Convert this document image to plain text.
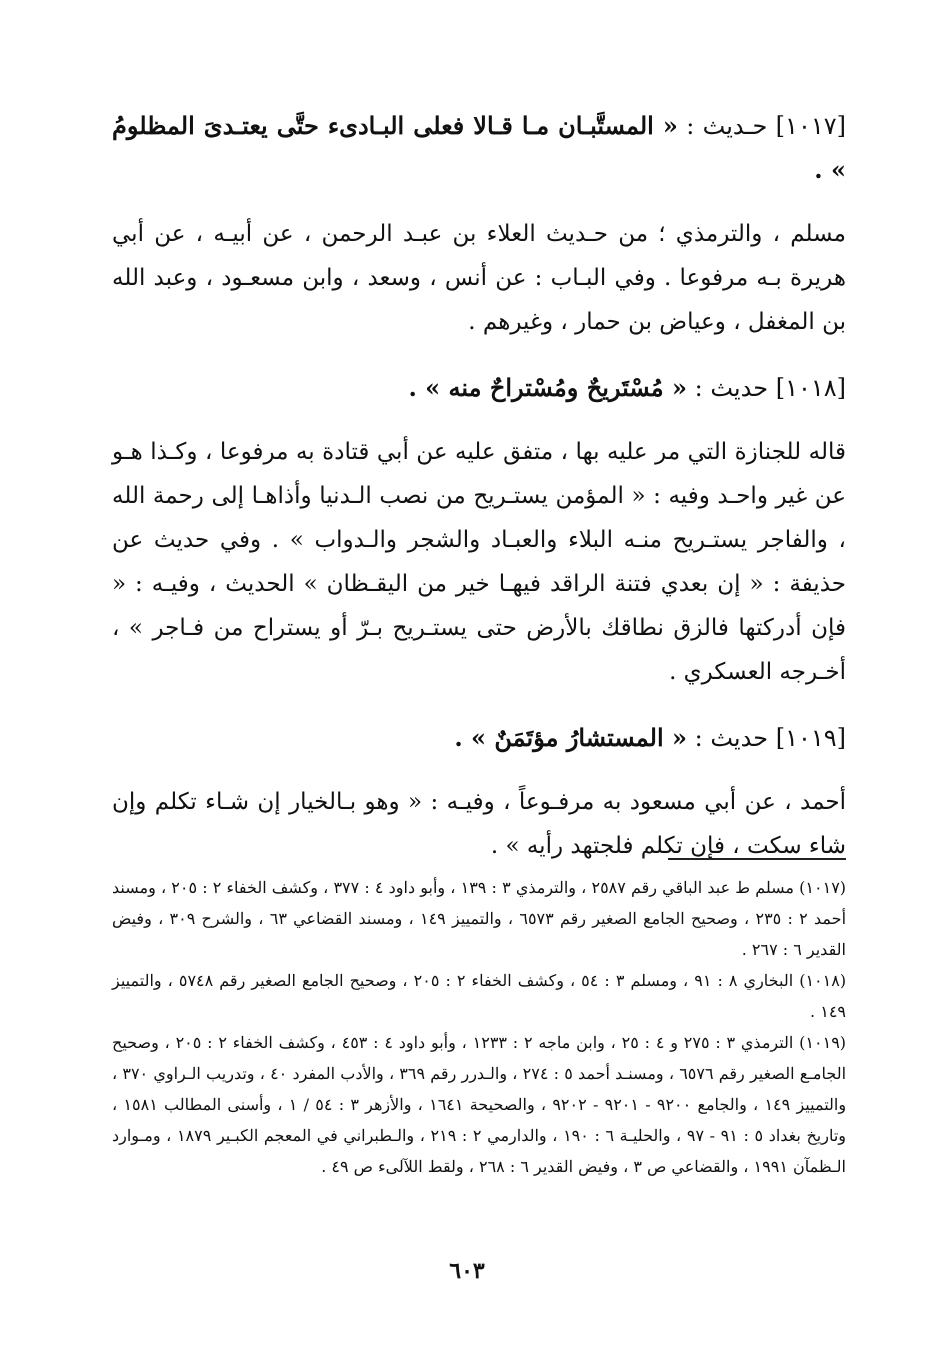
[١٠١٧] حـديث : « المستَّبـان مـا قـالا فعلى البـادىء حتَّى يعتـدىَ المظلومُ » .

مسلم ، والترمذي ؛ من حـديث العلاء بن عبـد الرحمن ، عن أبيـه ، عن أبي هريرة بـه مرفوعا . وفي البـاب : عن أنس ، وسعد ، وابن مسعـود ، وعبد الله بن المغفل ، وعياض بن حمار ، وغيرهم .

[١٠١٨] حديث : « مُسْتَريحٌ ومُسْتراحٌ منه » .

قاله للجنازة التي مر عليه بها ، متفق عليه عن أبي قتادة به مرفوعا ، وكـذا هـو عن غير واحـد وفيه : « المؤمن يستـريح من نصب الـدنيا وأذاهـا إلى رحمة الله ، والفاجر يستـريح منـه البلاء والعبـاد والشجر والـدواب » . وفي حديث عن حذيفة : « إن بعدي فتنة الراقد فيهـا خير من اليقـظان » الحديث ، وفيـه : « فإن أدركتها فالزق نطاقك بالأرض حتى يستـريح بـرّ أو يستراح من فـاجر » ، أخـرجه العسكري .

[١٠١٩] حديث : « المستشارُ مؤتَمَنٌ » .

أحمد ، عن أبي مسعود به مرفـوعاً ، وفيـه : « وهو بـالخيار إن شـاء تكلم وإن شاء سكت ، فإن تكلم فلجتهد رأيه » .

(١٠١٧) مسلم ط عبد الباقي رقم ٢٥٨٧ ، والترمذي ٣ : ١٣٩ ، وأبو داود ٤ : ٣٧٧ ، وكشف الخفاء ٢ : ٢٠٥ ، ومسند أحمد ٢ : ٢٣٥ ، وصحيح الجامع الصغير رقم ٦٥٧٣ ، والتمييز ١٤٩ ، ومسند القضاعي ٦٣ ، والشرح ٣٠٩ ، وفيض القدير ٦ : ٢٦٧ .

(١٠١٨) البخاري ٨ : ٩١ ، ومسلم ٣ : ٥٤ ، وكشف الخفاء ٢ : ٢٠٥ ، وصحيح الجامع الصغير رقم ٥٧٤٨ ، والتمييز ١٤٩ .

(١٠١٩) الترمذي ٣ : ٢٧٥ و ٤ : ٢٥ ، وابن ماجه ٢ : ١٢٣٣ ، وأبو داود ٤ : ٤٥٣ ، وكشف الخفاء ٢ : ٢٠٥ ، وصحيح الجامـع الصغير رقم ٦٥٧٦ ، ومسنـد أحمد ٥ : ٢٧٤ ، والـدرر رقم ٣٦٩ ، والأدب المفرد ٤٠ ، وتدريب الـراوي ٣٧٠ ، والتمييز ١٤٩ ، والجامع ٩٢٠٠ - ٩٢٠١ - ٩٢٠٢ ، والصحيحة ١٦٤١ ، والأزهر ٣ : ٥٤ / ١ ، وأسنى المطالب ١٥٨١ ، وتاريخ بغداد ٥ : ٩١ - ٩٧ ، والحليـة ٦ : ١٩٠ ، والدارمي ٢ : ٢١٩ ، والـطبراني في المعجم الكبـير ١٨٧٩ ، ومـوارد الـظمآن ١٩٩١ ، والقضاعي ص ٣ ، وفيض القدير ٦ : ٢٦٨ ، ولقط اللآلىء ص ٤٩ .

٦٠٣
